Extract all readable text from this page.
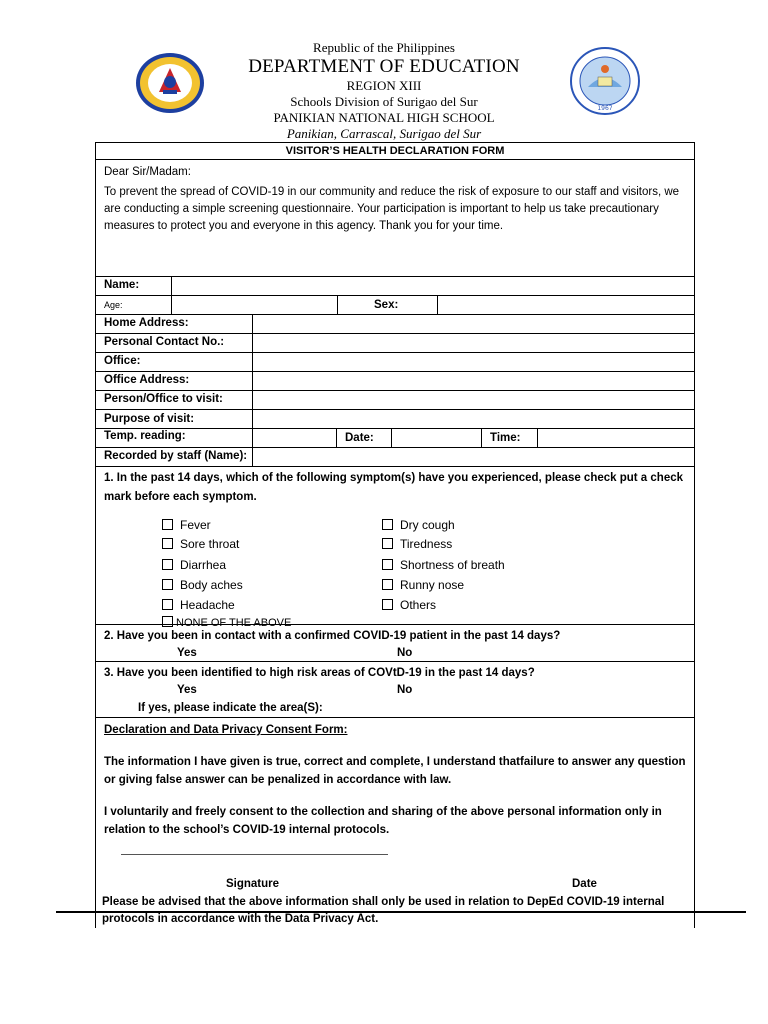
Republic of the Philippines
DEPARTMENT OF EDUCATION
REGION XIII
Schools Division of Surigao del Sur
PANIKIAN NATIONAL HIGH SCHOOL
Panikian, Carrascal, Surigao del Sur
1967
VISITOR’S HEALTH DECLARATION FORM

Dear Sir/Madam:

To prevent the spread of COVID-19 in our community and reduce the risk of exposure to our staff and visitors, we are conducting a simple screening questionnaire. Your participation is important to help us take precautionary measures to protect you and everyone in this agency. Thank you for your time.

Name:
Age:	Sex:
Home Address:
Personal Contact No.:
Office:
Office Address:
Person/Office to visit:
Purpose of visit:
Temp. reading:	Date:	Time:
Recorded by staff (Name):
1. In the past 14 days, which of the following symptom(s) have you experienced, please check put a check mark before each symptom.
Fever
Sore throat
Diarrhea
Body aches
Headache
NONE OF THE ABOVE
Dry cough
Tiredness
Shortness of breath
Runny nose
Others
2. Have you been in contact with a confirmed COVID-19 patient in the past 14 days?
Yes	No
3. Have you been identified to high risk areas of COVtD-19 in the past 14 days?
Yes	No
If yes, please indicate the area(S):

Declaration and Data Privacy Consent Form:

The information I have given is true, correct and complete, I understand thatfailure to answer any question or giving false answer can be penalized in accordance with law.

I voluntarily and freely consent to the collection and sharing of the above personal information only in relation to the school’s COVID-19 internal protocols.

Signature	Date
Please be advised that the above information shall only be used in relation to DepEd COVID-19 internal protocols in accordance with the Data Privacy Act.
